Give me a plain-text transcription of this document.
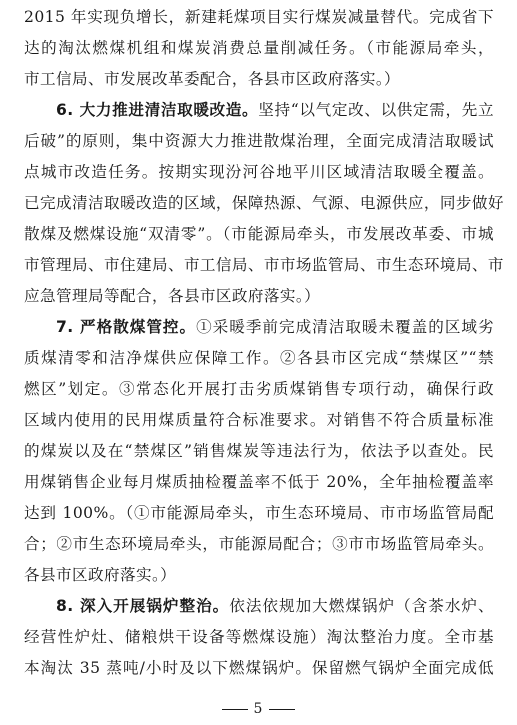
2015 年实现负增长，新建耗煤项目实行煤炭减量替代。完成省下
达的淘汰燃煤机组和煤炭消费总量削减任务。（市能源局牵头，
市工信局、市发展改革委配合，各县市区政府落实。）
6. 大力推进清洁取暖改造。坚持“以气定改、以供定需，先立
后破”的原则，集中资源大力推进散煤治理，全面完成清洁取暖试
点城市改造任务。按期实现汾河谷地平川区域清洁取暖全覆盖。
已完成清洁取暖改造的区域，保障热源、气源、电源供应，同步做好
散煤及燃煤设施“双清零”。（市能源局牵头，市发展改革委、市城
市管理局、市住建局、市工信局、市市场监管局、市生态环境局、市
应急管理局等配合，各县市区政府落实。）
7. 严格散煤管控。①采暖季前完成清洁取暖未覆盖的区域劣
质煤清零和洁净煤供应保障工作。②各县市区完成“禁煤区”“禁
燃区”划定。③常态化开展打击劣质煤销售专项行动，确保行政
区域内使用的民用煤质量符合标准要求。对销售不符合质量标准
的煤炭以及在“禁煤区”销售煤炭等违法行为，依法予以查处。民
用煤销售企业每月煤质抽检覆盖率不低于 20%，全年抽检覆盖率
达到 100%。（①市能源局牵头，市生态环境局、市市场监管局配
合；②市生态环境局牵头，市能源局配合；③市市场监管局牵头。
各县市区政府落实。）
8. 深入开展锅炉整治。依法依规加大燃煤锅炉（含茶水炉、
经营性炉灶、储粮烘干设备等燃煤设施）淘汰整治力度。全市基
本淘汰 35 蒸吨/小时及以下燃煤锅炉。保留燃气锅炉全面完成低
5
